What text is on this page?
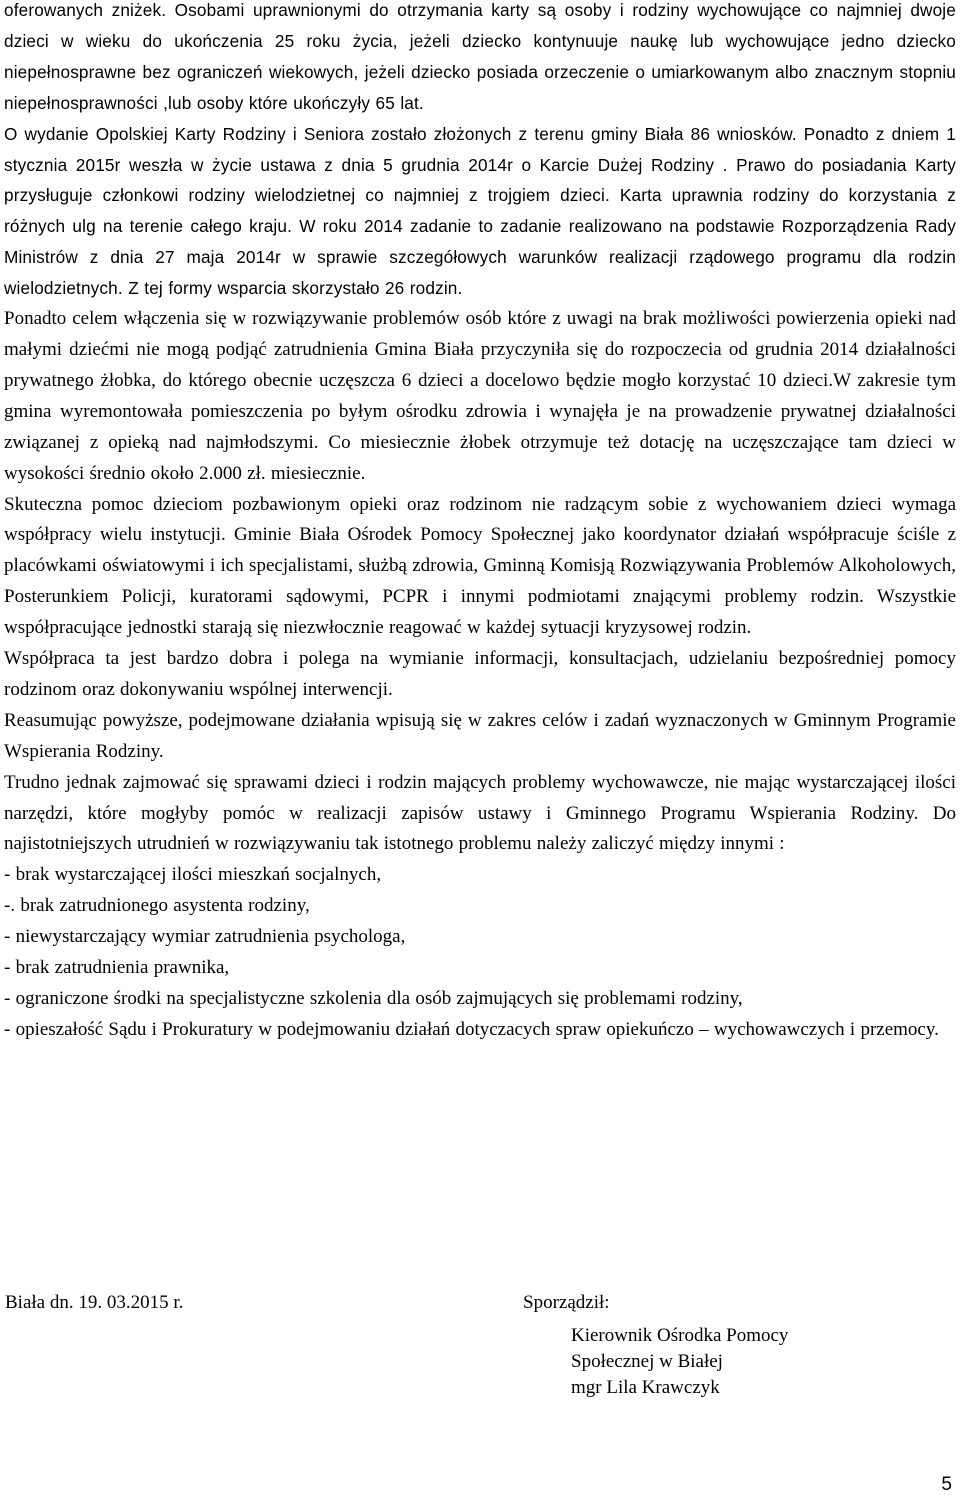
oferowanych zniżek. Osobami uprawnionymi do otrzymania karty są osoby i rodziny wychowujące co najmniej dwoje dzieci w wieku do ukończenia 25 roku życia, jeżeli dziecko kontynuuje naukę lub wychowujące jedno dziecko niepełnosprawne bez ograniczeń wiekowych, jeżeli dziecko posiada orzeczenie o umiarkowanym albo znacznym stopniu niepełnosprawności ,lub osoby które ukończyły 65 lat.

O wydanie Opolskiej Karty Rodziny i Seniora zostało złożonych z terenu gminy Biała 86 wniosków. Ponadto z dniem 1 stycznia 2015r weszła w życie ustawa z dnia 5 grudnia 2014r o Karcie Dużej Rodziny . Prawo do posiadania Karty przysługuje członkowi rodziny wielodzietnej co najmniej z trojgiem dzieci. Karta uprawnia rodziny do korzystania z różnych ulg na terenie całego kraju. W roku 2014 zadanie to zadanie realizowano na podstawie Rozporządzenia Rady Ministrów z dnia 27 maja 2014r w sprawie szczegółowych warunków realizacji rządowego programu dla rodzin wielodzietnych. Z tej formy wsparcia skorzystało 26 rodzin.

Ponadto celem włączenia się w rozwiązywanie problemów osób które z uwagi na brak możliwości powierzenia opieki nad małymi dziećmi nie mogą podjąć zatrudnienia Gmina Biała przyczyniła się do rozpoczecia od grudnia 2014 działalności prywatnego żłobka, do którego obecnie uczęszcza 6 dzieci a docelowo będzie mogło korzystać 10 dzieci.W zakresie tym gmina wyremontowała pomieszczenia po byłym ośrodku zdrowia i wynajęła je na prowadzenie prywatnej działalności związanej z opieką nad najmłodszymi. Co miesiecznie żłobek otrzymuje też dotację na uczęszczające tam dzieci w wysokości średnio około 2.000 zł. miesiecznie.

Skuteczna pomoc dzieciom pozbawionym opieki oraz rodzinom nie radzącym sobie z wychowaniem dzieci wymaga współpracy wielu instytucji. Gminie Biała Ośrodek Pomocy Społecznej jako koordynator działań współpracuje ściśle z placówkami oświatowymi i ich specjalistami, służbą zdrowia, Gminną Komisją Rozwiązywania Problemów Alkoholowych, Posterunkiem Policji, kuratorami sądowymi, PCPR i innymi podmiotami znającymi problemy rodzin. Wszystkie współpracujące jednostki starają się niezwłocznie reagować w każdej sytuacji kryzysowej rodzin.

Współpraca ta jest bardzo dobra i polega na wymianie informacji, konsultacjach, udzielaniu bezpośredniej pomocy rodzinom oraz dokonywaniu wspólnej interwencji.

Reasumując powyższe, podejmowane działania wpisują się w zakres celów i zadań wyznaczonych w Gminnym Programie Wspierania Rodziny.

Trudno jednak zajmować się sprawami dzieci i rodzin mających problemy wychowawcze, nie mając wystarczającej ilości narzędzi, które mogłyby pomóc w realizacji zapisów ustawy i Gminnego Programu Wspierania Rodziny. Do najistotniejszych utrudnień w rozwiązywaniu tak istotnego problemu należy zaliczyć między innymi :

- brak wystarczającej ilości mieszkań socjalnych,
-. brak zatrudnionego asystenta rodziny,
- niewystarczający wymiar zatrudnienia psychologa,
- brak zatrudnienia prawnika,
- ograniczone środki na specjalistyczne szkolenia dla osób zajmujących się problemami rodziny,
- opieszałość Sądu i Prokuratury w podejmowaniu działań dotyczacych spraw opiekuńczo – wychowawczych i przemocy.
Biała dn. 19. 03.2015 r.	Sporządził:
Kierownik Ośrodka Pomocy
Społecznej w Białej
mgr Lila Krawczyk
5
